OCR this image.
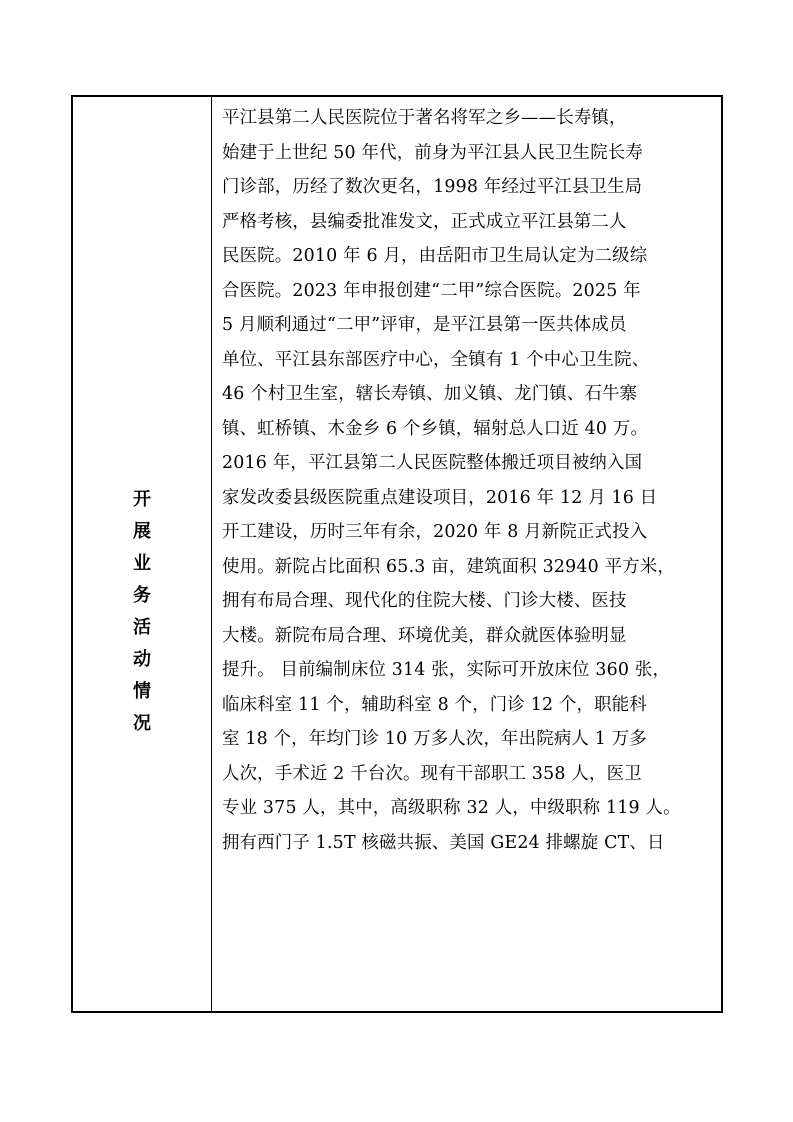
开
展
业
务
活
动
情
况
平江县第二人民医院位于著名将军之乡——长寿镇，
始建于上世纪 50 年代，前身为平江县人民卫生院长寿
门诊部，历经了数次更名，1998 年经过平江县卫生局
严格考核，县编委批准发文，正式成立平江县第二人
民医院。2010 年 6 月，由岳阳市卫生局认定为二级综
合医院。2023 年申报创建“二甲”综合医院。2025 年
5 月顺利通过“二甲”评审，是平江县第一医共体成员
单位、平江县东部医疗中心，全镇有 1 个中心卫生院、
46 个村卫生室，辖长寿镇、加义镇、龙门镇、石牛寨
镇、虹桥镇、木金乡 6 个乡镇，辐射总人口近 40 万。
2016 年，平江县第二人民医院整体搬迁项目被纳入国
家发改委县级医院重点建设项目，2016 年 12 月 16 日
开工建设，历时三年有余，2020 年 8 月新院正式投入
使用。新院占比面积 65.3 亩，建筑面积 32940 平方米，
拥有布局合理、现代化的住院大楼、门诊大楼、医技
大楼。新院布局合理、环境优美，群众就医体验明显
提升。 目前编制床位 314 张，实际可开放床位 360 张，
临床科室 11 个，辅助科室 8 个，门诊 12 个，职能科
室 18 个，年均门诊 10 万多人次，年出院病人 1 万多
人次，手术近 2 千台次。现有干部职工 358 人，医卫
专业 375 人，其中，高级职称 32 人，中级职称 119 人。
拥有西门子 1.5T 核磁共振、美国 GE24 排螺旋 CT、日
